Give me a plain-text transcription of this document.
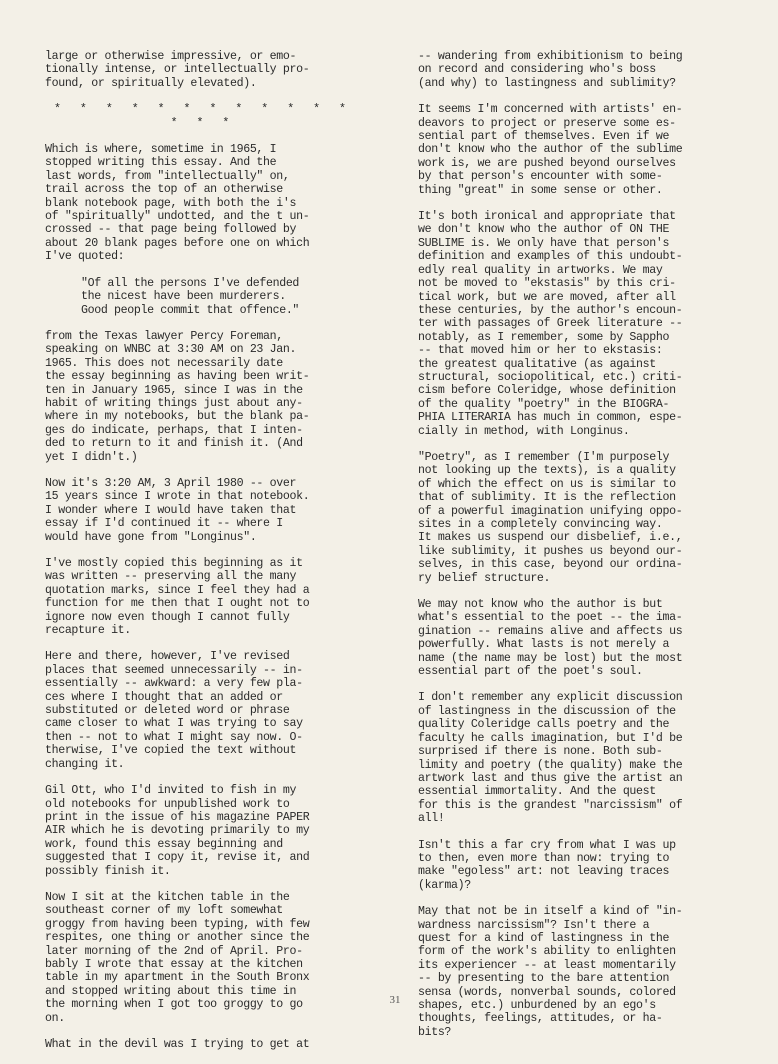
large or otherwise impressive, or emo-
tionally intense, or intellectually pro-
found, or spiritually elevated).

* * * * * * * * * * * * * * *

Which is where, sometime in 1965, I
stopped writing this essay. And the
last words, from "intellectually" on,
trail across the top of an otherwise
blank notebook page, with both the i's
of "spiritually" undotted, and the t un-
crossed -- that page being followed by
about 20 blank pages before one on which
I've quoted:

"Of all the persons I've defended
the nicest have been murderers.
Good people commit that offence."

from the Texas lawyer Percy Foreman,
speaking on WNBC at 3:30 AM on 23 Jan.
1965. This does not necessarily date
the essay beginning as having been writ-
ten in January 1965, since I was in the
habit of writing things just about any-
where in my notebooks, but the blank pa-
ges do indicate, perhaps, that I inten-
ded to return to it and finish it. (And
yet I didn't.)

Now it's 3:20 AM, 3 April 1980 -- over
15 years since I wrote in that notebook.
I wonder where I would have taken that
essay if I'd continued it -- where I
would have gone from "Longinus".

I've mostly copied this beginning as it
was written -- preserving all the many
quotation marks, since I feel they had a
function for me then that I ought not to
ignore now even though I cannot fully
recapture it.

Here and there, however, I've revised
places that seemed unnecessarily -- in-
essentially -- awkward: a very few pla-
ces where I thought that an added or
substituted or deleted word or phrase
came closer to what I was trying to say
then -- not to what I might say now. O-
therwise, I've copied the text without
changing it.

Gil Ott, who I'd invited to fish in my
old notebooks for unpublished work to
print in the issue of his magazine PAPER
AIR which he is devoting primarily to my
work, found this essay beginning and
suggested that I copy it, revise it, and
possibly finish it.

Now I sit at the kitchen table in the
southeast corner of my loft somewhat
groggy from having been typing, with few
respites, one thing or another since the
later morning of the 2nd of April. Pro-
bably I wrote that essay at the kitchen
table in my apartment in the South Bronx
and stopped writing about this time in
the morning when I got too groggy to go
on.

What in the devil was I trying to get at

-- wandering from exhibitionism to being
on record and considering who's boss
(and why) to lastingness and sublimity?

It seems I'm concerned with artists' en-
deavors to project or preserve some es-
sential part of themselves. Even if we
don't know who the author of the sublime
work is, we are pushed beyond ourselves
by that person's encounter with some-
thing "great" in some sense or other.

It's both ironical and appropriate that
we don't know who the author of ON THE
SUBLIME is. We only have that person's
definition and examples of this undoubt-
edly real quality in artworks. We may
not be moved to "ekstasis" by this cri-
tical work, but we are moved, after all
these centuries, by the author's encoun-
ter with passages of Greek literature --
notably, as I remember, some by Sappho
-- that moved him or her to ekstasis:
the greatest qualitative (as against
structural, sociopolitical, etc.) criti-
cism before Coleridge, whose definition
of the quality "poetry" in the BIOGRA-
PHIA LITERARIA has much in common, espe-
cially in method, with Longinus.

"Poetry", as I remember (I'm purposely
not looking up the texts), is a quality
of which the effect on us is similar to
that of sublimity. It is the reflection
of a powerful imagination unifying oppo-
sites in a completely convincing way.
It makes us suspend our disbelief, i.e.,
like sublimity, it pushes us beyond our-
selves, in this case, beyond our ordina-
ry belief structure.

We may not know who the author is but
what's essential to the poet -- the ima-
gination -- remains alive and affects us
powerfully. What lasts is not merely a
name (the name may be lost) but the most
essential part of the poet's soul.

I don't remember any explicit discussion
of lastingness in the discussion of the
quality Coleridge calls poetry and the
faculty he calls imagination, but I'd be
surprised if there is none. Both sub-
limity and poetry (the quality) make the
artwork last and thus give the artist an
essential immortality. And the quest
for this is the grandest "narcissism" of
all!

Isn't this a far cry from what I was up
to then, even more than now: trying to
make "egoless" art: not leaving traces
(karma)?

May that not be in itself a kind of "in-
wardness narcissism"? Isn't there a
quest for a kind of lastingness in the
form of the work's ability to enlighten
its experiencer -- at least momentarily
-- by presenting to the bare attention
sensa (words, nonverbal sounds, colored
shapes, etc.) unburdened by an ego's
thoughts, feelings, attitudes, or ha-
bits?

31
